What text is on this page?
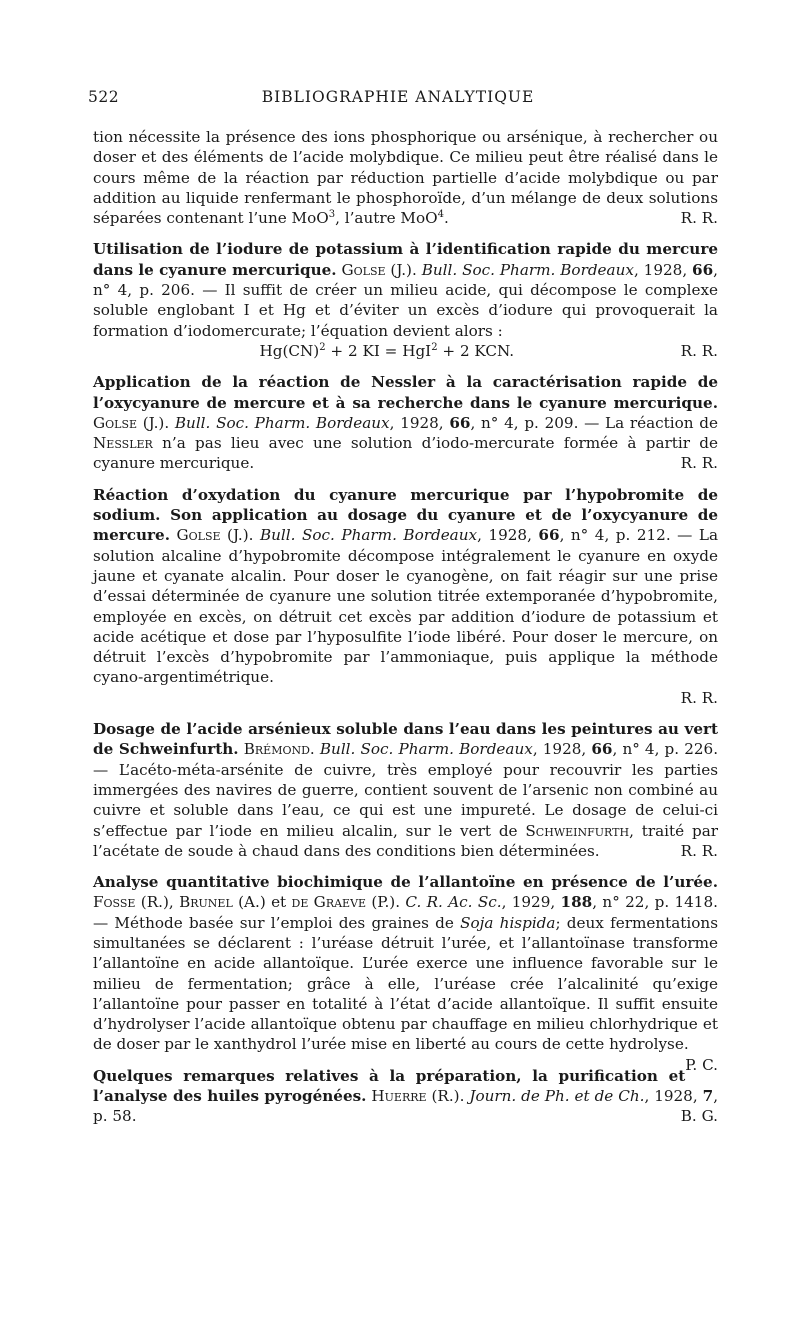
522	BIBLIOGRAPHIE ANALYTIQUE

tion nécessite la présence des ions phosphorique ou arsénique, à rechercher ou doser et des éléments de l’acide molybdique. Ce milieu peut être réalisé dans le cours même de la réaction par réduction partielle d’acide molybdique ou par addition au liquide renfermant le phosphoroïde, d’un mélange de deux solutions séparées contenant l’une MoO$^3$, l’autre MoO$^4$.	R. R.

Utilisation de l’iodure de potassium à l’identification rapide du mercure dans le cyanure mercurique. Golse (J.). Bull. Soc. Pharm. Bordeaux, 1928, 66, n° 4, p. 206. — Il suffit de créer un milieu acide, qui décompose le complexe soluble englobant I et Hg et d’éviter un excès d’iodure qui provoquerait la formation d’iodomercurate; l’équation devient alors :

Hg(CN)$^2$ + 2 KI = HgI$^2$ + 2 KCN.	R. R.

Application de la réaction de Nessler à la caractérisation rapide de l’oxycyanure de mercure et à sa recherche dans le cyanure mercurique. Golse (J.). Bull. Soc. Pharm. Bordeaux, 1928, 66, n° 4, p. 209. — La réaction de Nessler n’a pas lieu avec une solution d’iodo-mercurate formée à partir de cyanure mercurique.	R. R.

Réaction d’oxydation du cyanure mercurique par l’hypobromite de sodium. Son application au dosage du cyanure et de l’oxycyanure de mercure. Golse (J.). Bull. Soc. Pharm. Bordeaux, 1928, 66, n° 4, p. 212. — La solution alcaline d’hypobromite décompose intégralement le cyanure en oxyde jaune et cyanate alcalin. Pour doser le cyanogène, on fait réagir sur une prise d’essai déterminée de cyanure une solution titrée extemporanée d’hypobromite, employée en excès, on détruit cet excès par addition d’iodure de potassium et acide acétique et dose par l’hyposulfite l’iode libéré. Pour doser le mercure, on détruit l’excès d’hypobromite par l’ammoniaque, puis applique la méthode cyano-argentimétrique.

R. R.

Dosage de l’acide arsénieux soluble dans l’eau dans les peintures au vert de Schweinfurth. Brémond. Bull. Soc. Pharm. Bordeaux, 1928, 66, n° 4, p. 226. — L’acéto-méta-arsénite de cuivre, très employé pour recouvrir les parties immergées des navires de guerre, contient souvent de l’arsenic non combiné au cuivre et soluble dans l’eau, ce qui est une impureté. Le dosage de celui-ci s’effectue par l’iode en milieu alcalin, sur le vert de Schweinfurth, traité par l’acétate de soude à chaud dans des conditions bien déterminées.	R. R.

Analyse quantitative biochimique de l’allantoïne en présence de l’urée. Fosse (R.), Brunel (A.) et de Graeve (P.). C. R. Ac. Sc., 1929, 188, n° 22, p. 1418. — Méthode basée sur l’emploi des graines de Soja hispida; deux fermentations simultanées se déclarent : l’uréase détruit l’urée, et l’allantoïnase transforme l’allantoïne en acide allantoïque. L’urée exerce une influence favorable sur le milieu de fermentation; grâce à elle, l’uréase crée l’alcalinité qu’exige l’allantoïne pour passer en totalité à l’état d’acide allantoïque. Il suffit ensuite d’hydrolyser l’acide allantoïque obtenu par chauffage en milieu chlorhydrique et de doser par le xanthydrol l’urée mise en liberté au cours de cette hydrolyse.
P. C.

Quelques remarques relatives à la préparation, la purification et l’analyse des huiles pyrogénées. Huerre (R.). Journ. de Ph. et de Ch., 1928, 7, p. 58.	B. G.
